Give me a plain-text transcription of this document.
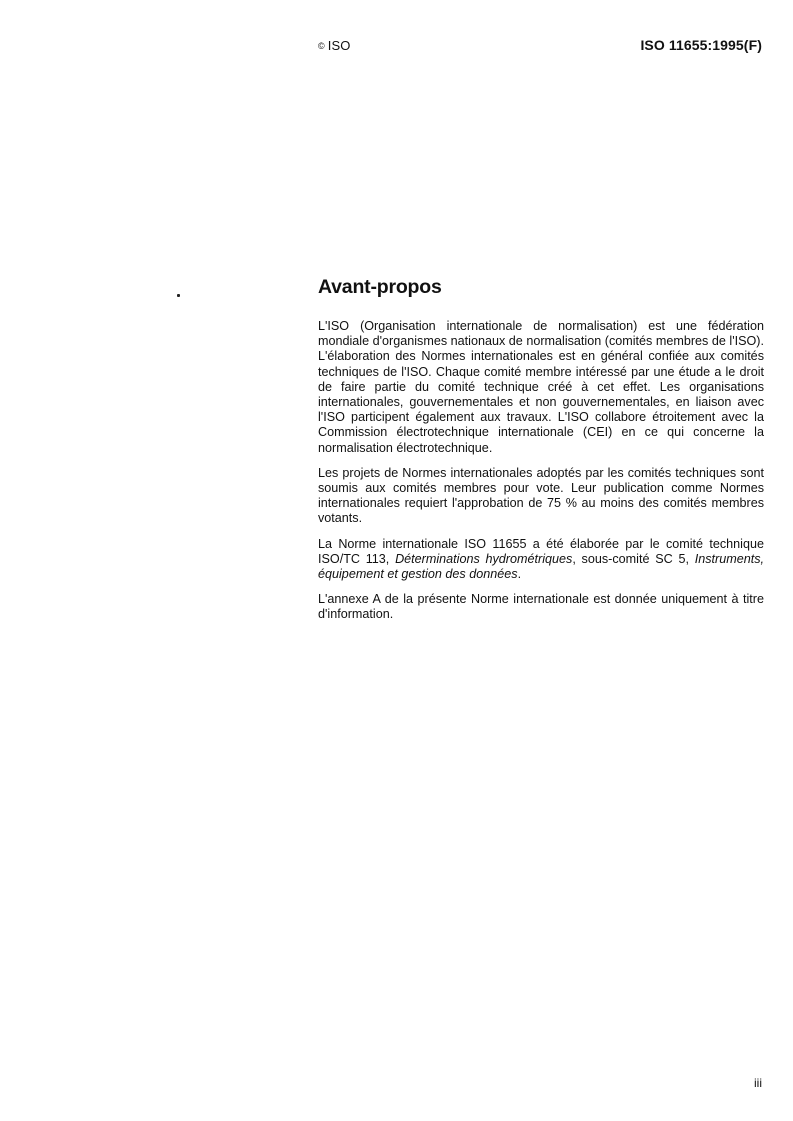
© ISO	ISO 11655:1995(F)
Avant-propos

L'ISO (Organisation internationale de normalisation) est une fédération mondiale d'organismes nationaux de normalisation (comités membres de l'ISO). L'élaboration des Normes internationales est en général confiée aux comités techniques de l'ISO. Chaque comité membre intéressé par une étude a le droit de faire partie du comité technique créé à cet effet. Les organisations internationales, gouvernementales et non gouvernementales, en liaison avec l'ISO participent également aux travaux. L'ISO collabore étroitement avec la Commission électrotechnique internationale (CEI) en ce qui concerne la normalisation électrotechnique.

Les projets de Normes internationales adoptés par les comités techniques sont soumis aux comités membres pour vote. Leur publication comme Normes internationales requiert l'approbation de 75 % au moins des comités membres votants.

La Norme internationale ISO 11655 a été élaborée par le comité technique ISO/TC 113, Déterminations hydrométriques, sous-comité SC 5, Instruments, équipement et gestion des données.

L'annexe A de la présente Norme internationale est donnée uniquement à titre d'information.

iii
